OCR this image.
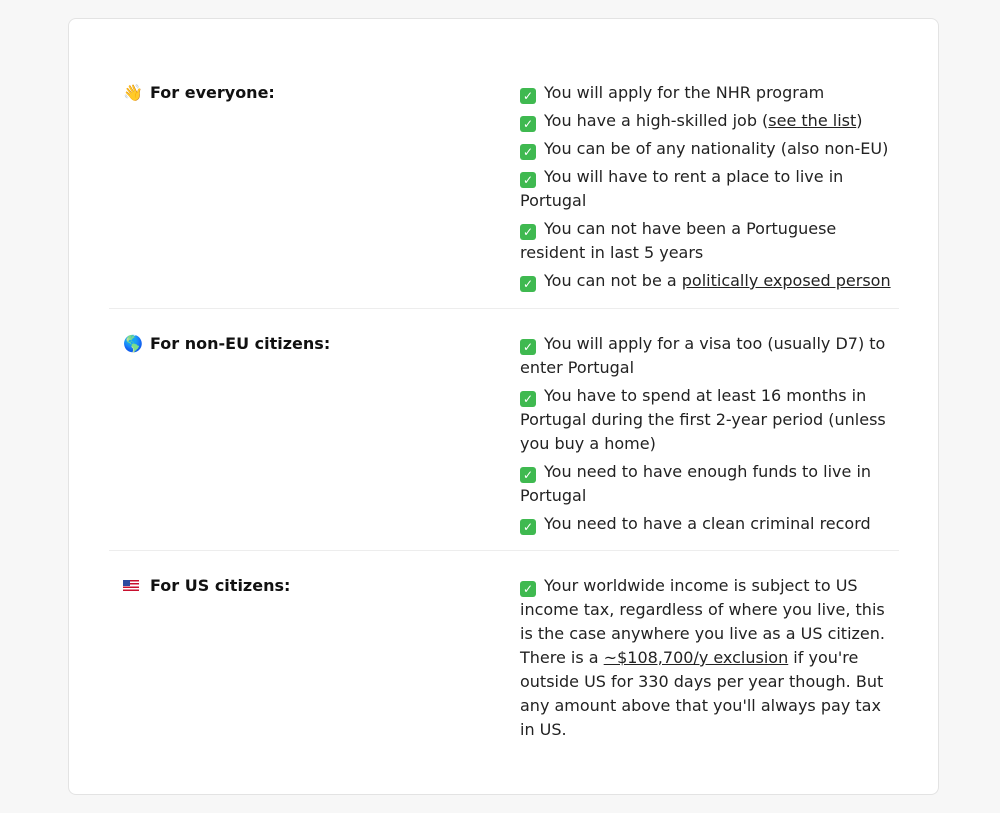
👋 For everyone:	✓ You will apply for the NHR program
✓ You have a high-skilled job (see the list)
✓ You can be of any nationality (also non-EU)
✓ You will have to rent a place to live in Portugal
✓ You can not have been a Portuguese resident in last 5 years
✓ You can not be a politically exposed person
🌎 For non-EU citizens:	✓ You will apply for a visa too (usually D7) to enter Portugal
✓ You have to spend at least 16 months in Portugal during the first 2-year period (unless you buy a home)
✓ You need to have enough funds to live in Portugal
✓ You need to have a clean criminal record
For US citizens:	✓ Your worldwide income is subject to US income tax, regardless of where you live, this is the case anywhere you live as a US citizen. There is a ~$108,700/y exclusion if you're outside US for 330 days per year though. But any amount above that you'll always pay tax in US.
